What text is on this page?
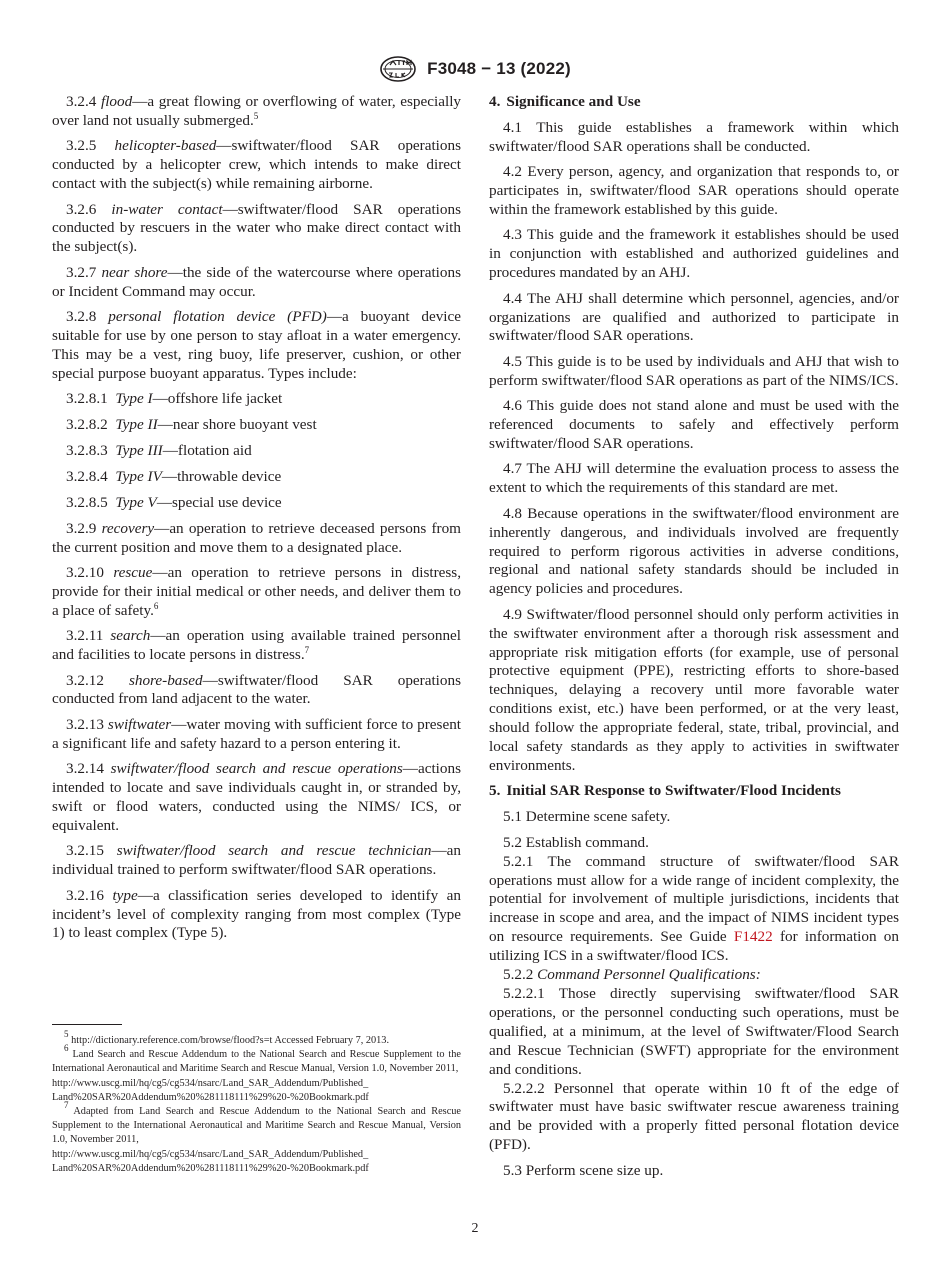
F3048 − 13 (2022)

3.2.4 flood—a great flowing or overflowing of water, especially over land not usually submerged.$^5$

3.2.5 helicopter-based—swiftwater/flood SAR operations conducted by a helicopter crew, which intends to make direct contact with the subject(s) while remaining airborne.

3.2.6 in-water contact—swiftwater/flood SAR operations conducted by rescuers in the water who make direct contact with the subject(s).

3.2.7 near shore—the side of the watercourse where operations or Incident Command may occur.

3.2.8 personal flotation device (PFD)—a buoyant device suitable for use by one person to stay afloat in a water emergency. This may be a vest, ring buoy, life preserver, cushion, or other special purpose buoyant apparatus. Types include:

3.2.8.1 Type I—offshore life jacket

3.2.8.2 Type II—near shore buoyant vest

3.2.8.3 Type III—flotation aid

3.2.8.4 Type IV—throwable device

3.2.8.5 Type V—special use device

3.2.9 recovery—an operation to retrieve deceased persons from the current position and move them to a designated place.

3.2.10 rescue—an operation to retrieve persons in distress, provide for their initial medical or other needs, and deliver them to a place of safety.$^6$

3.2.11 search—an operation using available trained personnel and facilities to locate persons in distress.$^7$

3.2.12 shore-based—swiftwater/flood SAR operations conducted from land adjacent to the water.

3.2.13 swiftwater—water moving with sufficient force to present a significant life and safety hazard to a person entering it.

3.2.14 swiftwater/flood search and rescue operations—actions intended to locate and save individuals caught in, or stranded by, swift or flood waters, conducted using the NIMS/ ICS, or equivalent.

3.2.15 swiftwater/flood search and rescue technician—an individual trained to perform swiftwater/flood SAR operations.

3.2.16 type—a classification series developed to identify an incident’s level of complexity ranging from most complex (Type 1) to least complex (Type 5).

$^5$ http://dictionary.reference.com/browse/flood?s=t Accessed February 7, 2013.

$^6$ Land Search and Rescue Addendum to the National Search and Rescue Supplement to the International Aeronautical and Maritime Search and Rescue Manual, Version 1.0, November 2011,
http://www.uscg.mil/hq/cg5/cg534/nsarc/Land_SAR_Addendum/Published_
Land%20SAR%20Addendum%20%281118111%29%20-%20Bookmark.pdf

$^7$ Adapted from Land Search and Rescue Addendum to the National Search and Rescue Supplement to the International Aeronautical and Maritime Search and Rescue Manual, Version 1.0, November 2011,
http://www.uscg.mil/hq/cg5/cg534/nsarc/Land_SAR_Addendum/Published_
Land%20SAR%20Addendum%20%281118111%29%20-%20Bookmark.pdf

4. Significance and Use

4.1 This guide establishes a framework within which swiftwater/flood SAR operations shall be conducted.

4.2 Every person, agency, and organization that responds to, or participates in, swiftwater/flood SAR operations should operate within the framework established by this guide.

4.3 This guide and the framework it establishes should be used in conjunction with established and authorized guidelines and procedures mandated by an AHJ.

4.4 The AHJ shall determine which personnel, agencies, and/or organizations are qualified and authorized to participate in swiftwater/flood SAR operations.

4.5 This guide is to be used by individuals and AHJ that wish to perform swiftwater/flood SAR operations as part of the NIMS/ICS.

4.6 This guide does not stand alone and must be used with the referenced documents to safely and effectively perform swiftwater/flood SAR operations.

4.7 The AHJ will determine the evaluation process to assess the extent to which the requirements of this standard are met.

4.8 Because operations in the swiftwater/flood environment are inherently dangerous, and individuals involved are frequently required to perform rigorous activities in adverse conditions, regional and national safety standards should be included in agency policies and procedures.

4.9 Swiftwater/flood personnel should only perform activities in the swiftwater environment after a thorough risk assessment and appropriate risk mitigation efforts (for example, use of personal protective equipment (PPE), restricting efforts to shore-based techniques, delaying a recovery until more favorable water conditions exist, etc.) have been performed, or at the very least, should follow the appropriate federal, state, tribal, provincial, and local safety standards as they apply to activities in swiftwater environments.

5. Initial SAR Response to Swiftwater/Flood Incidents

5.1 Determine scene safety.

5.2 Establish command.

5.2.1 The command structure of swiftwater/flood SAR operations must allow for a wide range of incident complexity, the potential for involvement of multiple jurisdictions, incidents that increase in scope and area, and the impact of NIMS incident types on resource requirements. See Guide F1422 for information on utilizing ICS in a swiftwater/flood ICS.

5.2.2 Command Personnel Qualifications:

5.2.2.1 Those directly supervising swiftwater/flood SAR operations, or the personnel conducting such operations, must be qualified, at a minimum, at the level of Swiftwater/Flood Search and Rescue Technician (SWFT) appropriate for the environment and conditions.

5.2.2.2 Personnel that operate within 10 ft of the edge of swiftwater must have basic swiftwater rescue awareness training and be provided with a properly fitted personal flotation device (PFD).

5.3 Perform scene size up.

2
